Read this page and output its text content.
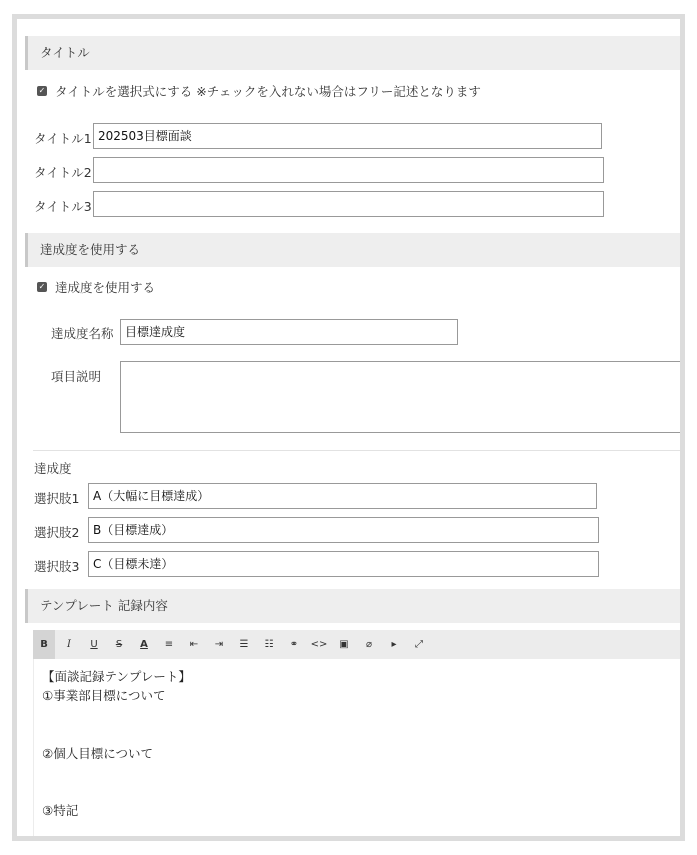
タイトル
✓ タイトルを選択式にする ※チェックを入れない場合はフリー記述となります
タイトル1 202503目標面談
タイトル2
タイトル3
達成度を使用する
✓ 達成度を使用する
達成度名称 目標達成度
項目説明
達成度
選択肢1	A（大幅に目標達成）
選択肢2	B（目標達成）
選択肢3	C（目標未達）
テンプレート 記録内容
B	I	U	S	A	≡	⇤	⇥	☰	☷	⚭	<>	▣	⌀	▸	⤢
【面談記録テンプレート】
①事業部目標について
②個人目標について
③特記
